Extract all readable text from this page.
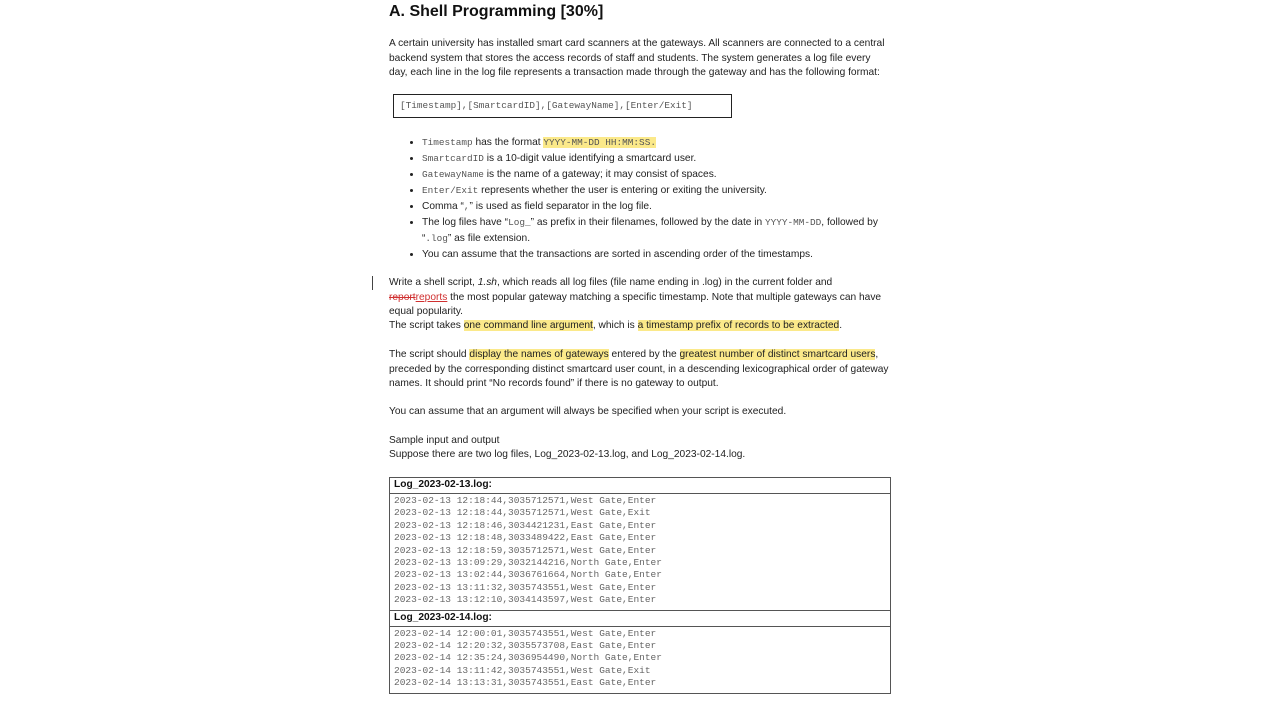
A. Shell Programming [30%]

A certain university has installed smart card scanners at the gateways. All scanners are connected to a central backend system that stores the access records of staff and students. The system generates a log file every day, each line in the log file represents a transaction made through the gateway and has the following format:

[Timestamp],[SmartcardID],[GatewayName],[Enter/Exit]
• Timestamp has the format YYYY-MM-DD HH:MM:SS.
• SmartcardID is a 10-digit value identifying a smartcard user.
• GatewayName is the name of a gateway; it may consist of spaces.
• Enter/Exit represents whether the user is entering or exiting the university.
• Comma “,” is used as field separator in the log file.
• The log files have “Log_” as prefix in their filenames, followed by the date in YYYY-MM-DD, followed by “.log” as file extension.
• You can assume that the transactions are sorted in ascending order of the timestamps.

Write a shell script, 1.sh, which reads all log files (file name ending in .log) in the current folder and reportreports the most popular gateway matching a specific timestamp. Note that multiple gateways can have equal popularity.

The script takes one command line argument, which is a timestamp prefix of records to be extracted.

The script should display the names of gateways entered by the greatest number of distinct smartcard users, preceded by the corresponding distinct smartcard user count, in a descending lexicographical order of gateway names. It should print “No records found” if there is no gateway to output.

You can assume that an argument will always be specified when your script is executed.

Sample input and output

Suppose there are two log files, Log_2023-02-13.log, and Log_2023-02-14.log.

Log_2023-02-13.log:
2023-02-13 12:18:44,3035712571,West Gate,Enter
2023-02-13 12:18:44,3035712571,West Gate,Exit
2023-02-13 12:18:46,3034421231,East Gate,Enter
2023-02-13 12:18:48,3033489422,East Gate,Enter
2023-02-13 12:18:59,3035712571,West Gate,Enter
2023-02-13 13:09:29,3032144216,North Gate,Enter
2023-02-13 13:02:44,3036761664,North Gate,Enter
2023-02-13 13:11:32,3035743551,West Gate,Enter
2023-02-13 13:12:10,3034143597,West Gate,Enter
Log_2023-02-14.log:
2023-02-14 12:00:01,3035743551,West Gate,Enter
2023-02-14 12:20:32,3035573708,East Gate,Enter
2023-02-14 12:35:24,3036954490,North Gate,Enter
2023-02-14 13:11:42,3035743551,West Gate,Exit
2023-02-14 13:13:31,3035743551,East Gate,Enter
